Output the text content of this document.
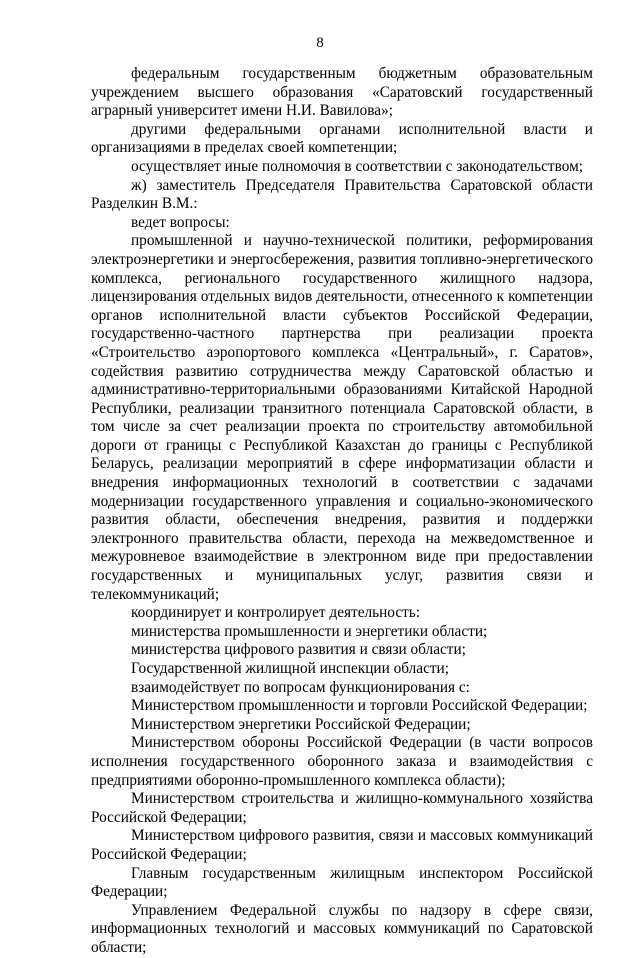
8

федеральным государственным бюджетным образовательным учреждением высшего образования «Саратовский государственный аграрный университет имени Н.И. Вавилова»;

другими федеральными органами исполнительной власти и организациями в пределах своей компетенции;

осуществляет иные полномочия в соответствии с законодательством;

ж) заместитель Председателя Правительства Саратовской области Разделкин В.М.:

ведет вопросы:

промышленной и научно-технической политики, реформирования электроэнергетики и энергосбережения, развития топливно-энергетического комплекса, регионального государственного жилищного надзора, лицензирования отдельных видов деятельности, отнесенного к компетенции органов исполнительной власти субъектов Российской Федерации, государственно-частного партнерства при реализации проекта «Строительство аэропортового комплекса «Центральный», г. Саратов», содействия развитию сотрудничества между Саратовской областью и административно-территориальными образованиями Китайской Народной Республики, реализации транзитного потенциала Саратовской области, в том числе за счет реализации проекта по строительству автомобильной дороги от границы с Республикой Казахстан до границы с Республикой Беларусь, реализации мероприятий в сфере информатизации области и внедрения информационных технологий в соответствии с задачами модернизации государственного управления и социально-экономического развития области, обеспечения внедрения, развития и поддержки электронного правительства области, перехода на межведомственное и межуровневое взаимодействие в электронном виде при предоставлении государственных и муниципальных услуг, развития связи и телекоммуникаций;

координирует и контролирует деятельность:

министерства промышленности и энергетики области;

министерства цифрового развития и связи области;

Государственной жилищной инспекции области;

взаимодействует по вопросам функционирования с:

Министерством промышленности и торговли Российской Федерации;

Министерством энергетики Российской Федерации;

Министерством обороны Российской Федерации (в части вопросов исполнения государственного оборонного заказа и взаимодействия с предприятиями оборонно-промышленного комплекса области);

Министерством строительства и жилищно-коммунального хозяйства Российской Федерации;

Министерством цифрового развития, связи и массовых коммуникаций Российской Федерации;

Главным государственным жилищным инспектором Российской Федерации;

Управлением Федеральной службы по надзору в сфере связи, информационных технологий и массовых коммуникаций по Саратовской области;
